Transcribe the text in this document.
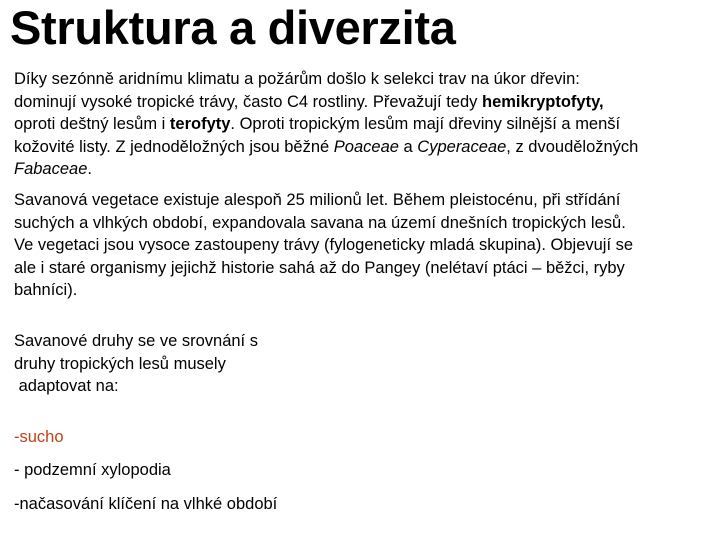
Struktura a diverzita
Díky sezónně aridnímu klimatu a požárům došlo k selekci trav na úkor dřevin:
dominují vysoké tropické trávy, často C4 rostliny. Převažují tedy hemikryptofyty,
oproti deštný lesům i terofyty. Oproti tropickým lesům mají dřeviny silnější a menší
kožovité listy. Z jednoděložných jsou běžné Poaceae a Cyperaceae, z dvouděložných
Fabaceae.
Savanová vegetace existuje alespoň 25 milionů let. Během pleistocénu, při střídání
suchých a vlhkých období, expandovala savana na území dnešních tropických lesů.
Ve vegetaci jsou vysoce zastoupeny trávy (fylogeneticky mladá skupina). Objevují se
ale i staré organismy jejichž historie sahá až do Pangey (nelétaví ptáci – běžci, ryby
bahníci).
Savanové druhy se ve srovnání s
druhy tropických lesů musely
adaptovat na:
-sucho
- podzemní xylopodia
-načasování klíčení na vlhké období
